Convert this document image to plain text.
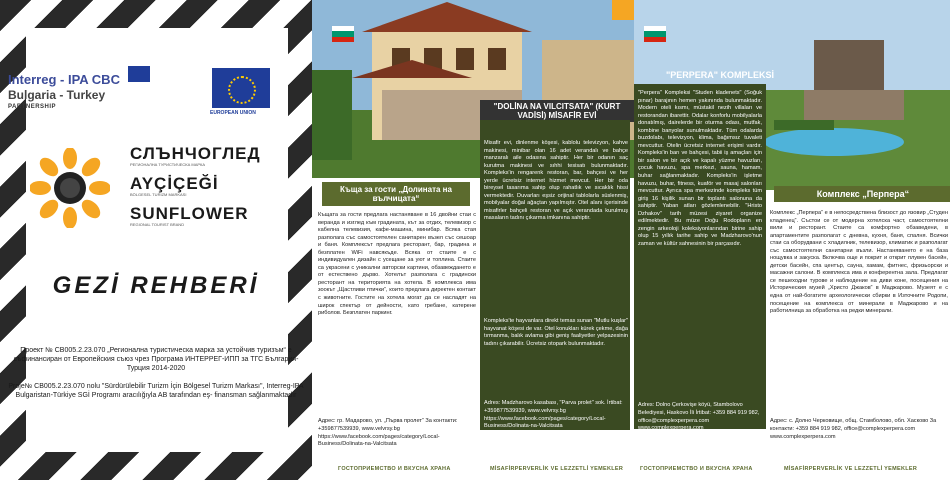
Interreg - IPA CBC
Bulgaria - Turkey
PARTNERSHIP
EUROPEAN UNION
СЛЪНЧОГЛЕД
РЕГИОНАЛНА ТУРИСТИЧЕСКА МАРКА
AYÇİÇEĞİ
BÖLGESEL TURİZM MARKASI
SUNFLOWER
REGIONAL TOURIST BRAND
GEZİ REHBERİ
Проект № CB005.2.23.070 „Регионална туристическа марка за устойчив туризъм“ е съфинансиран от Европейския съюз чрез Програма ИНТЕРРЕГ-ИПП за ТГС България-Турция 2014-2020
Proje№ CB005.2.23.070 nolu "Sürdürülebilir Turizm İçin Bölgesel Turizm Markası", Interreg-IPA Bulgaristan-Türkiye SGİ Programı aracılığıyla AB tarafından eş- finansman sağlanmaktadır
"DOLİNA NA VILCITSATA" (KURT VADİSİ) MİSAFİR EVİ
Misafir evi, dinlenme köşesi, kablolu televizyon, kahve makinesi, minibar olan 16 adet verandalı ve bahçe manzaralı aile odasına sahiptir. Her bir odanın saç kurutma makinesi ve sıhhi tesisatı bulunmaktadır. Kompleks'in rengarenk restoran, bar, bahçesi ve her yerde ücretsiz internet hizmet mevcut. Her bir oda bireysel tasarıma sahip olup rahatlık ve sıcaklık hissi vermektedir. Duvarları eşsiz orijinal tablolarla süslenmiş, mobilyalar doğal ağaçtan yapılmıştır. Otel alanı içerisinde misafirler bahçeli restoran ve açık verandada kurulmuş masaların tadını çıkarma imkanına sahiptir.
Kompleks'te hayvanlara direkt temas sunan "Mutlu kuşlar" hayvanat köşesi de var. Otel konukları kürek çekme, dağa tırmanma, balık avlama gibi geniş faaliyetler yelpazesinin tadını çıkarabilir. Ücretsiz otopark bulunmaktadır.
Adres: Madzharovo kasabası, "Parva prolet" sok. İrtibat: +359877539939, www.velvrsy.bg https://www.facebook.com/pages/category/Local-Business/Dolinata-na-Valcitsata
Къща за гости „Долината на вълчицата“
Къщата за гости предлага настаняване в 16 двойни стаи с веранда и изглед към градината, кът за отдих, телевизор с кабелна телевизия, кафе-машина, минибар. Всяка стая разполага със самостоятелен санитарен възел със сешоар и баня. Комплексът предлага ресторант, бар, градина и безплатен WiFi навсякъде. Всяка от стаите е с индивидуален дизайн с усещане за уют и топлина. Стаите са украсени с уникални авторски картини, обзавеждането е от естествено дърво. Хотелът разполага с градински ресторант на територията на хотела. В комплекса има зоокът „Щастливи птички“, които предлага директен контакт с животните. Гостите на хотела могат да се насладят на широк спектър от дейности, като гребане, катерене риболов. Безплатен паркинг.
Адрес: гр. Мадарово, ул. „Първа пролет“ За контакти: +359877539939, www.velvrsy.bg https://www.facebook.com/pages/category/Local-Business/Dolinata-na-Valcitsata
ГОСТОПРИЕМСТВО И ВКУСНА ХРАНА	MİSAFİRPERVERLİK VE LEZZETLİ YEMEKLER
"PERPERA" KOMPLEKSİ
"Perpera" Kompleksi "Studen kladenets" (Soğuk pınar) barajının hemen yakınında bulunmaktadır. Modern oteli kısmı, müstakil nezih villaları ve restorandan ibarettir. Odalar konforlu mobilyalarla donatılmış, dairelerde bir oturma odası, mutfak, kombine banyolar sunulmaktadır. Tüm odalarda buzdolabı, televizyon, klima, bağımsız tuvaleti mevcuttur. Otelin ücretsiz internet erişimi vardır. Kompleks'in barı ve bahçesi, tabii iş amaçları için bir salon ve bir açık ve kapalı yüzme havuzları, çocuk havuzu, spa merkezi, sauna, hamam, buhar sağlanmaktadır. Kompleks'in işletme havuzu, buhar, fitness, kuaför ve masaj salonları mevcuttur. Ayrıca spa merkezinde kompleks tüm giriş 16 kişilik sunan bir toplantı salonuna da sahiptir. Yaban atları gözlemlenebilir. "Hristo Dzhakov" tarih müzesi ziyaret organize edilmektedir. Bu müze Doğu Rodopların en zengin arkeoloji koleksiyonlarından birine sahip olup 15 yıllık tarihe sahip ve Madzharovo'nun zaman ve kültür sahnesinin bir parçasıdır.
Adres: Dolno Çerkovişe köyü, Stambolovo Belediyesi, Haskovo İli İrtibat: +359 884 919 982, office@complexperpera.com www.complexperpera.com
Комплекс „Перпера“
Комплекс „Перпера“ е в непосредствена близост до язовир „Студен кладенец“. Състои се от модерна хотелска част, самостоятелни вили и ресторант. Стаите са комфортно обзаведени, в апартаментите разполагат с дневна, кухня, баня, спалня. Всички стаи са оборудвани с хладилник, телевизор, климатик и разполагат със самостоятелни санитарни възли. Настаняването е на база нощувка и закуска. Включва още и покрит и открит плувен басейн, детски басейн, спа център, сауна, хамам, фитнес, фризьорски и масажни салони. В комплекса има и конферентна зала. Предлагат се пешеходни турове и наблюдение на диви коне, посещения на Историческия музей „Христо Джаков“ в Маджарово. Музеят е с една от най-богатите археологически сбирки в Източните Родопи, посещение на комплекса от минерали в Маджарово и на работилница за обработка на редки минерали.
Адрес: с. Долно Черковище, общ. Стамболово, обл. Хасково За контакти: +359 884 919 982, office@complexperpera.com www.complexperpera.com
ГОСТОПРИЕМСТВО И ВКУСНА ХРАНА	MİSAFİRPERVERLİK VE LEZZETLİ YEMEKLER
